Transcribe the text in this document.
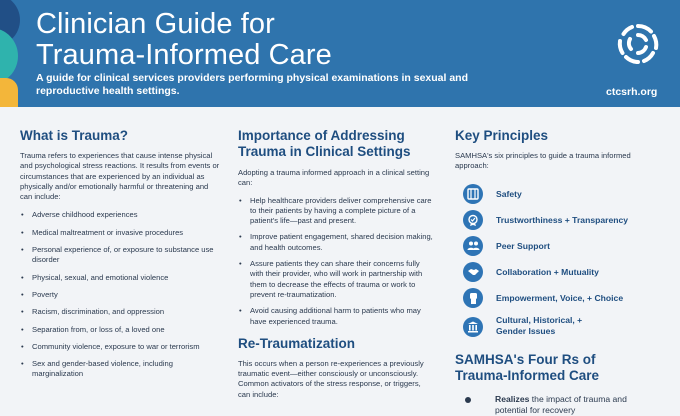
Clinician Guide for
Trauma-Informed Care

A guide for clinical services providers performing physical examinations in sexual and reproductive health settings.	ctcsrh.org
What is Trauma?

Trauma refers to experiences that cause intense physical and psychological stress reactions. It results from events or circumstances that are experienced by an individual as physically and/or emotionally harmful or threatening and can include:

• Adverse childhood experiences
• Medical maltreatment or invasive procedures
• Personal experience of, or exposure to substance use disorder
• Physical, sexual, and emotional violence
• Poverty
• Racism, discrimination, and oppression
• Separation from, or loss of, a loved one
• Community violence, exposure to war or terrorism
• Sex and gender-based violence, including marginalization
Importance of Addressing
Trauma in Clinical Settings

Adopting a trauma informed approach in a clinical setting can:

• Help healthcare providers deliver comprehensive care to their patients by having a complete picture of a patient's life—past and present.
• Improve patient engagement, shared decision making, and health outcomes.
• Assure patients they can share their concerns fully with their provider, who will work in partnership with them to decrease the effects of trauma or work to prevent re-traumatization.
• Avoid causing additional harm to patients who may have experienced trauma.
Re-Traumatization

This occurs when a person re-experiences a previously traumatic event—either consciously or unconsciously. Common activators of the stress response, or triggers, can include:

Key Principles

SAMHSA's six principles to guide a trauma informed approach:

Safety
Trustworthiness + Transparency
Peer Support
Collaboration + Mutuality
Empowerment, Voice, + Choice
Cultural, Historical, +
Gender Issues
SAMHSA's Four Rs of
Trauma-Informed Care

Realizes the impact of trauma and
potential for recovery
